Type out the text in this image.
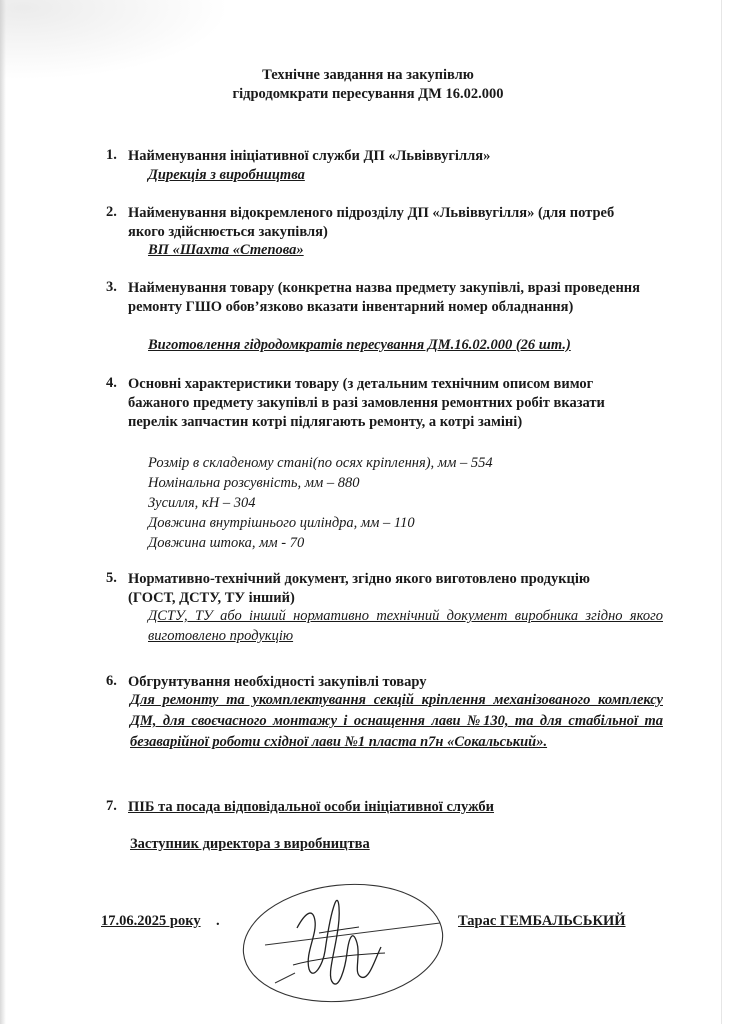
Технічне завдання на закупівлю
гідродомкрати пересування ДМ 16.02.000
1. Найменування ініціативної служби ДП «Львіввугілля»
Дирекція з виробництва
2. Найменування відокремленого підрозділу ДП «Львіввугілля» (для потреб якого здійснюється закупівля)
ВП «Шахта «Степова»
3. Найменування товару (конкретна назва предмету закупівлі, вразі проведення ремонту ГШО обов’язково вказати інвентарний номер обладнання)
Виготовлення гідродомкратів пересування ДМ.16.02.000 (26 шт.)
4. Основні характеристики товару (з детальним технічним описом вимог бажаного предмету закупівлі в разі замовлення ремонтних робіт вказати перелік запчастин котрі підлягають ремонту, а котрі заміні)
Розмір в складеному стані(по осях кріплення), мм – 554
Номінальна розсувність, мм – 880
Зусилля, кН – 304
Довжина внутрішнього циліндра, мм – 110
Довжина штока, мм - 70
5. Нормативно-технічний документ, згідно якого виготовлено продукцію (ГОСТ, ДСТУ, ТУ інший)
ДСТУ, ТУ або інший нормативно технічний документ виробника згідно якого виготовлено продукцію
6. Обгрунтування необхідності закупівлі товару
Для ремонту та укомплектування секцій кріплення механізованого комплексу ДМ, для своєчасного монтажу і оснащення лави №130, та для стабільної та безаварійної роботи східної лави №1 пласта п7н «Сокальський».
7. ПІБ та посада відповідальної особи ініціативної служби
Заступник директора з виробництва
17.06.2025 року .	Тарас ГЕМБАЛЬСЬКИЙ
